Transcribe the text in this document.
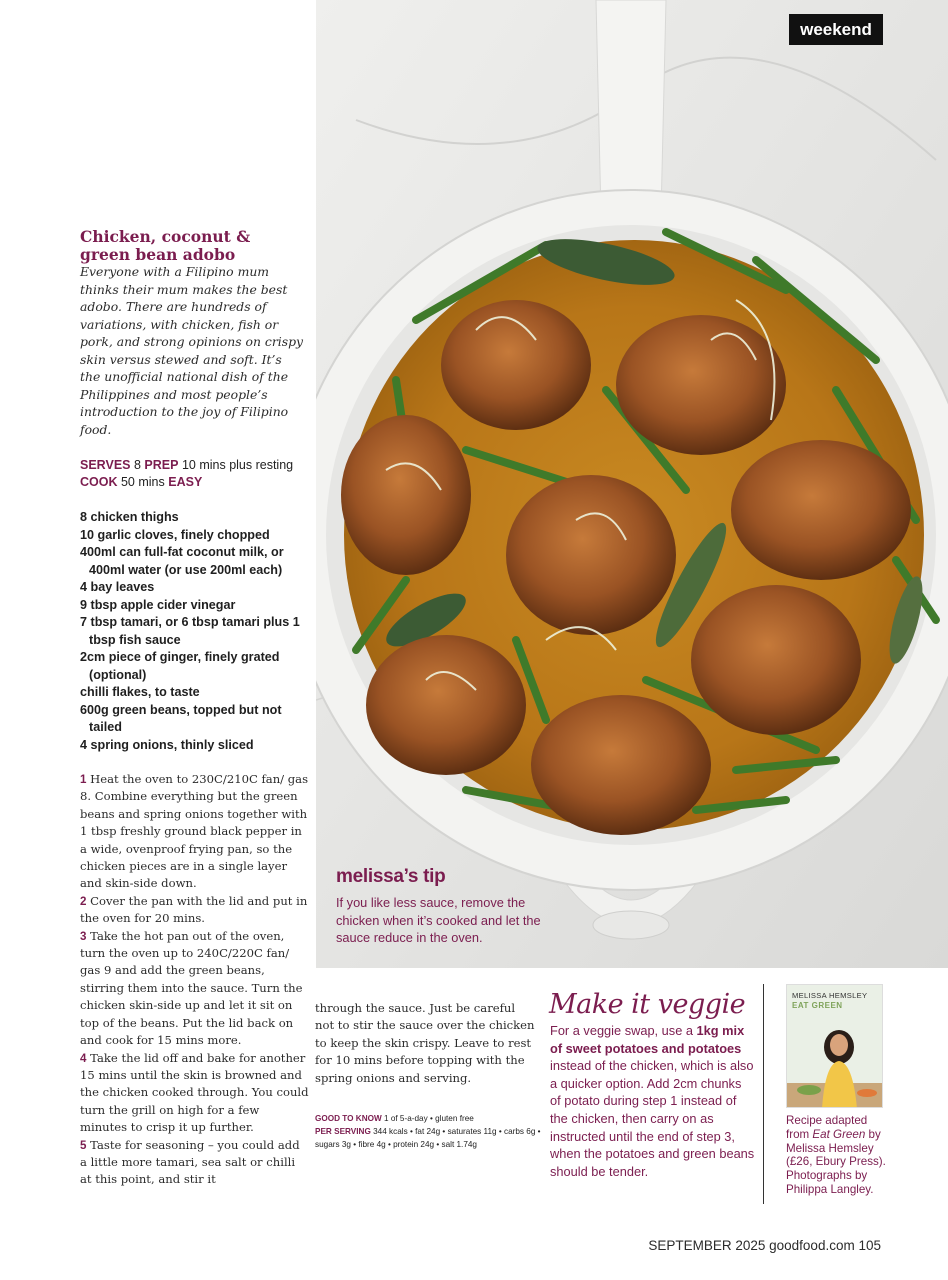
weekend
Chicken, coconut & green bean adobo

Everyone with a Filipino mum thinks their mum makes the best adobo. There are hundreds of variations, with chicken, fish or pork, and strong opinions on crispy skin versus stewed and soft. It’s the unofficial national dish of the Philippines and most people’s introduction to the joy of Filipino food.

SERVES 8 PREP 10 mins plus resting
COOK 50 mins EASY
8 chicken thighs
10 garlic cloves, finely chopped
400ml can full-fat coconut milk, or 400ml water (or use 200ml each)
4 bay leaves
9 tbsp apple cider vinegar
7 tbsp tamari, or 6 tbsp tamari plus 1 tbsp fish sauce
2cm piece of ginger, finely grated (optional)
chilli flakes, to taste
600g green beans, topped but not tailed
4 spring onions, thinly sliced
1 Heat the oven to 230C/210C fan/ gas 8. Combine everything but the green beans and spring onions together with 1 tbsp freshly ground black pepper in a wide, ovenproof frying pan, so the chicken pieces are in a single layer and skin-side down.
2 Cover the pan with the lid and put in the oven for 20 mins.
3 Take the hot pan out of the oven, turn the oven up to 240C/220C fan/ gas 9 and add the green beans, stirring them into the sauce. Turn the chicken skin-side up and let it sit on top of the beans. Put the lid back on and cook for 15 mins more.
4 Take the lid off and bake for another 15 mins until the skin is browned and the chicken cooked through. You could turn the grill on high for a few minutes to crisp it up further.
5 Taste for seasoning – you could add a little more tamari, sea salt or chilli at this point, and stir it

through the sauce. Just be careful not to stir the sauce over the chicken to keep the skin crispy. Leave to rest for 10 mins before topping with the spring onions and serving.

GOOD TO KNOW 1 of 5-a-day • gluten free
PER SERVING 344 kcals • fat 24g • saturates 11g • carbs 6g • sugars 3g • fibre 4g • protein 24g • salt 1.74g
melissa’s tip

If you like less sauce, remove the chicken when it’s cooked and let the sauce reduce in the oven.

Make it veggie

For a veggie swap, use a 1kg mix of sweet potatoes and potatoes instead of the chicken, which is also a quicker option. Add 2cm chunks of potato during step 1 instead of the chicken, then carry on as instructed until the end of step 3, when the potatoes and green beans should be tender.

MELISSA HEMSLEY
EAT GREEN

Recipe adapted from Eat Green by Melissa Hemsley (£26, Ebury Press). Photographs by Philippa Langley.

SEPTEMBER 2025 goodfood.com 105
